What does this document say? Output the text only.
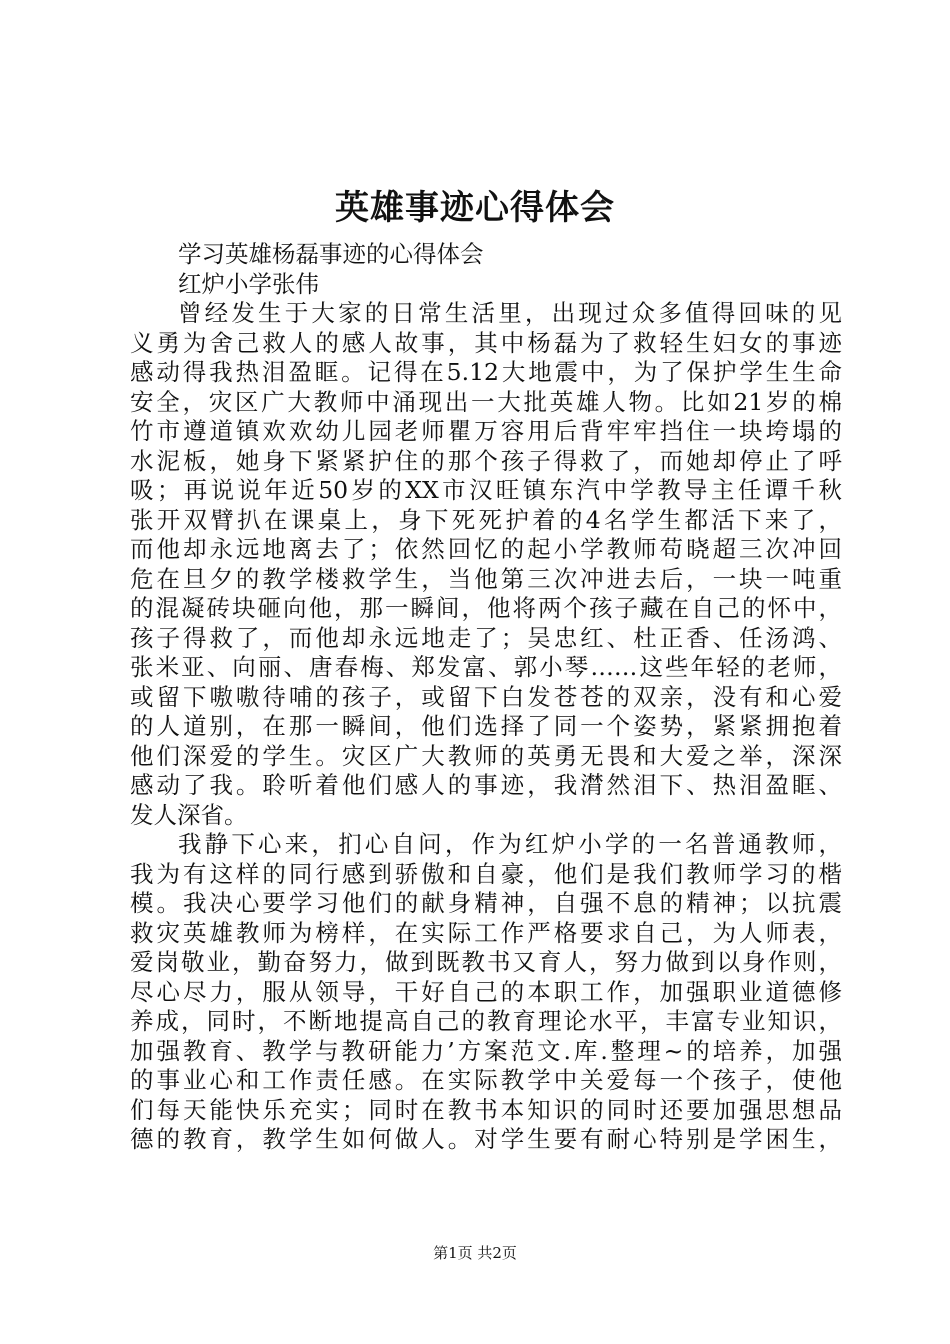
英雄事迹心得体会
学习英雄杨磊事迹的心得体会
红炉小学张伟
曾经发生于大家的日常生活里，出现过众多值得回味的见
义勇为舍己救人的感人故事，其中杨磊为了救轻生妇女的事迹
感动得我热泪盈眶。记得在5.12大地震中，为了保护学生生命
安全，灾区广大教师中涌现出一大批英雄人物。比如21岁的棉
竹市遵道镇欢欢幼儿园老师瞿万容用后背牢牢挡住一块垮塌的
水泥板，她身下紧紧护住的那个孩子得救了，而她却停止了呼
吸；再说说年近50岁的XX市汉旺镇东汽中学教导主任谭千秋
张开双臂扒在课桌上，身下死死护着的4名学生都活下来了，
而他却永远地离去了；依然回忆的起小学教师苟晓超三次冲回
危在旦夕的教学楼救学生，当他第三次冲进去后，一块一吨重
的混凝砖块砸向他，那一瞬间，他将两个孩子藏在自己的怀中，
孩子得救了，而他却永远地走了；吴忠红、杜正香、任汤鸿、
张米亚、向丽、唐春梅、郑发富、郭小琴……这些年轻的老师，
或留下嗷嗷待哺的孩子，或留下白发苍苍的双亲，没有和心爱
的人道别，在那一瞬间，他们选择了同一个姿势，紧紧拥抱着
他们深爱的学生。灾区广大教师的英勇无畏和大爱之举，深深
感动了我。聆听着他们感人的事迹，我潸然泪下、热泪盈眶、
发人深省。
我静下心来，扪心自问，作为红炉小学的一名普通教师，
我为有这样的同行感到骄傲和自豪，他们是我们教师学习的楷
模。我决心要学习他们的献身精神，自强不息的精神；以抗震
救灾英雄教师为榜样，在实际工作严格要求自己，为人师表，
爱岗敬业，勤奋努力，做到既教书又育人，努力做到以身作则，
尽心尽力，服从领导，干好自己的本职工作，加强职业道德修
养成，同时，不断地提高自己的教育理论水平，丰富专业知识，
加强教育、教学与教研能力’方案范文.库.整理~的培养，加强
的事业心和工作责任感。在实际教学中关爱每一个孩子，使他
们每天能快乐充实；同时在教书本知识的同时还要加强思想品
德的教育，教学生如何做人。对学生要有耐心特别是学困生，
第1页 共2页
